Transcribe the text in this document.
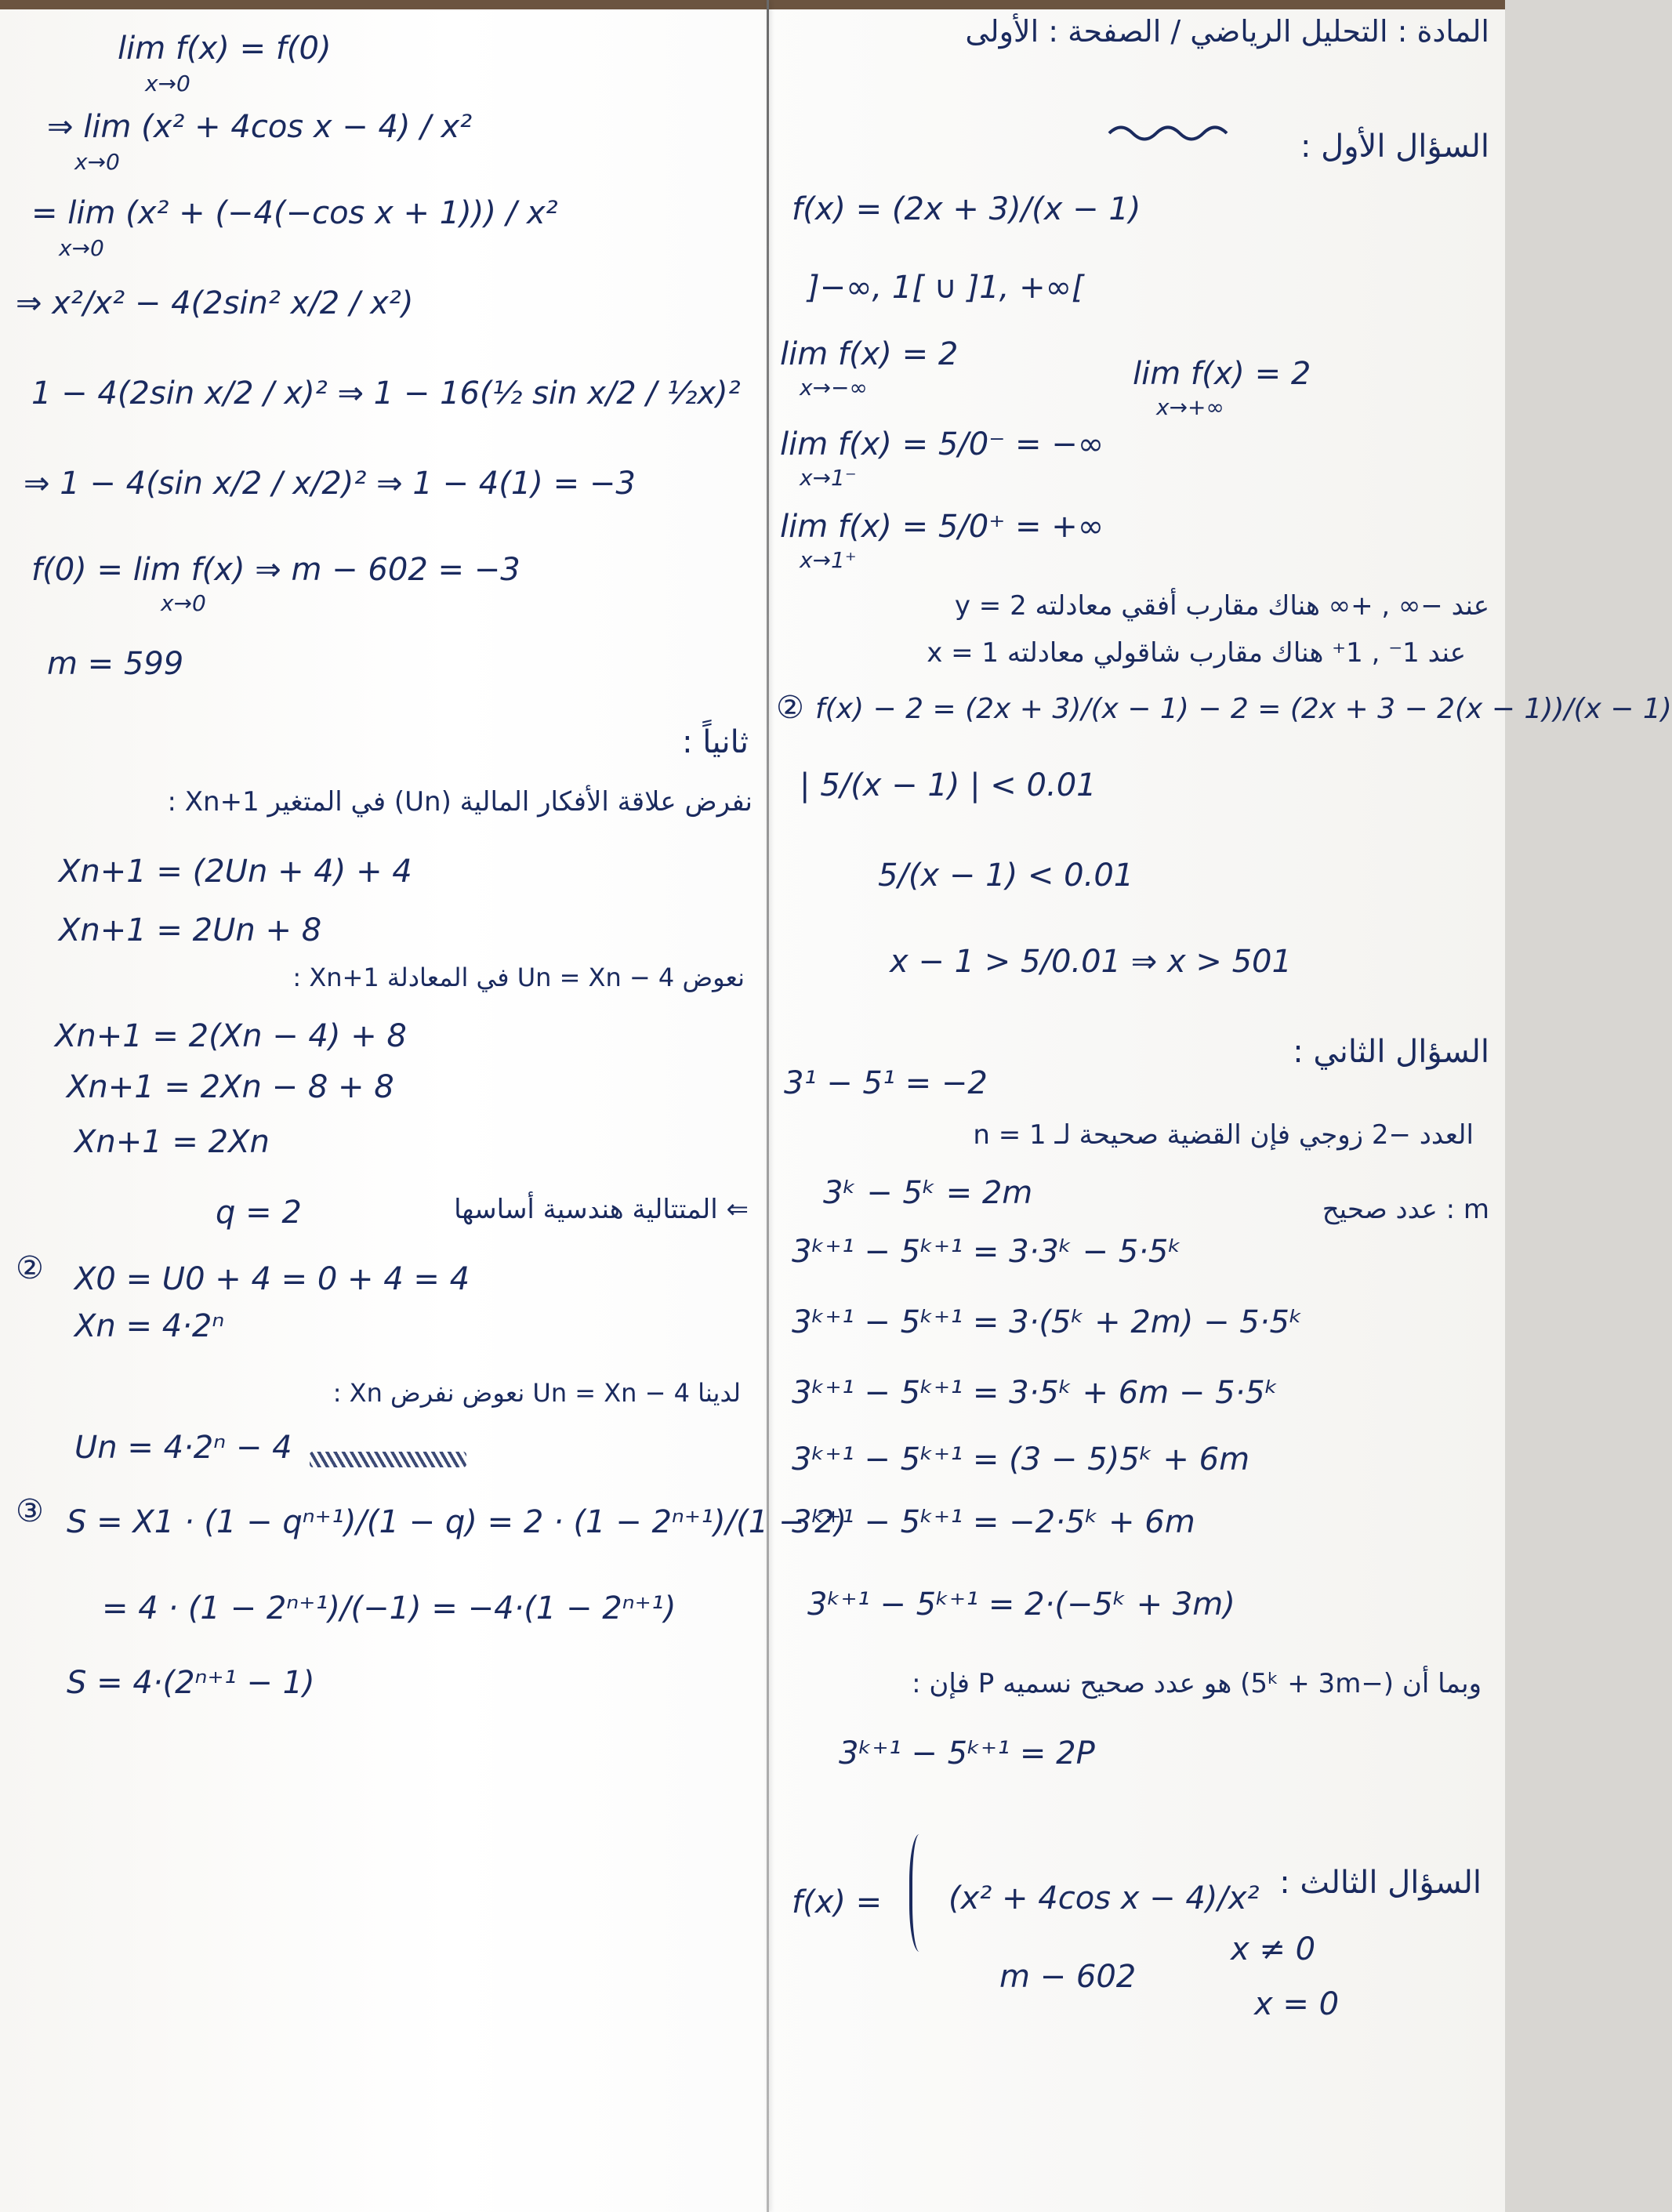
lim f(x) = f(0)
x→0
⇒ lim (x² + 4cos x − 4) / x²
x→0
= lim (x² + (−4(−cos x + 1))) / x²
x→0
⇒ x²/x² − 4(2sin² x/2 / x²)
1 − 4(2sin x/2 / x)² ⇒ 1 − 16(½ sin x/2 / ½x)²
⇒ 1 − 4(sin x/2 / x/2)² ⇒ 1 − 4(1) = −3
f(0) = lim f(x) ⇒ m − 602 = −3
x→0
m = 599
ثانياً :
نفرض علاقة الأفكار المالية (Un) في المتغير Xn+1 :
Xn+1 = (2Un + 4) + 4
Xn+1 = 2Un + 8
نعوض Un = Xn − 4 في المعادلة Xn+1 :
Xn+1 = 2(Xn − 4) + 8
Xn+1 = 2Xn − 8 + 8
Xn+1 = 2Xn
⇐ المتتالية هندسية أساسها
q = 2
② X0 = U0 + 4 = 0 + 4 = 4
Xn = 4·2ⁿ
لدينا Un = Xn − 4 نعوض نفرض Xn :
Un = 4·2ⁿ − 4
③ S = X1 · (1 − qⁿ⁺¹)/(1 − q) = 2 · (1 − 2ⁿ⁺¹)/(1 − 2)
= 4 · (1 − 2ⁿ⁺¹)/(−1) = −4·(1 − 2ⁿ⁺¹)
S = 4·(2ⁿ⁺¹ − 1)
المادة : التحليل الرياضي / الصفحة : الأولى
السؤال الأول :
f(x) = (2x + 3)/(x − 1)
]−∞, 1[ ∪ ]1, +∞[
lim f(x) = 2
x→−∞	lim f(x) = 2
x→+∞
lim f(x) = 5/0⁻ = −∞
x→1⁻
lim f(x) = 5/0⁺ = +∞
x→1⁺
عند −∞ , +∞ هناك مقارب أفقي معادلته y = 2
عند 1⁻ , 1⁺ هناك مقارب شاقولي معادلته x = 1
② f(x) − 2 = (2x + 3)/(x − 1) − 2 = (2x + 3 − 2(x − 1))/(x − 1)
| 5/(x − 1) | < 0.01
5/(x − 1) < 0.01
x − 1 > 5/0.01 ⇒ x > 501
السؤال الثاني :
3¹ − 5¹ = −2
العدد −2 زوجي فإن القضية صحيحة لـ n = 1
3ᵏ − 5ᵏ = 2m	m : عدد صحيح
3ᵏ⁺¹ − 5ᵏ⁺¹ = 3·3ᵏ − 5·5ᵏ
3ᵏ⁺¹ − 5ᵏ⁺¹ = 3·(5ᵏ + 2m) − 5·5ᵏ
3ᵏ⁺¹ − 5ᵏ⁺¹ = 3·5ᵏ + 6m − 5·5ᵏ
3ᵏ⁺¹ − 5ᵏ⁺¹ = (3 − 5)5ᵏ + 6m
3ᵏ⁺¹ − 5ᵏ⁺¹ = −2·5ᵏ + 6m
3ᵏ⁺¹ − 5ᵏ⁺¹ = 2·(−5ᵏ + 3m)
وبما أن (−5ᵏ + 3m) هو عدد صحيح نسميه P فإن :
3ᵏ⁺¹ − 5ᵏ⁺¹ = 2P
السؤال الثالث :
f(x) = (x² + 4cos x − 4)/x²
m − 602
x ≠ 0
x = 0
